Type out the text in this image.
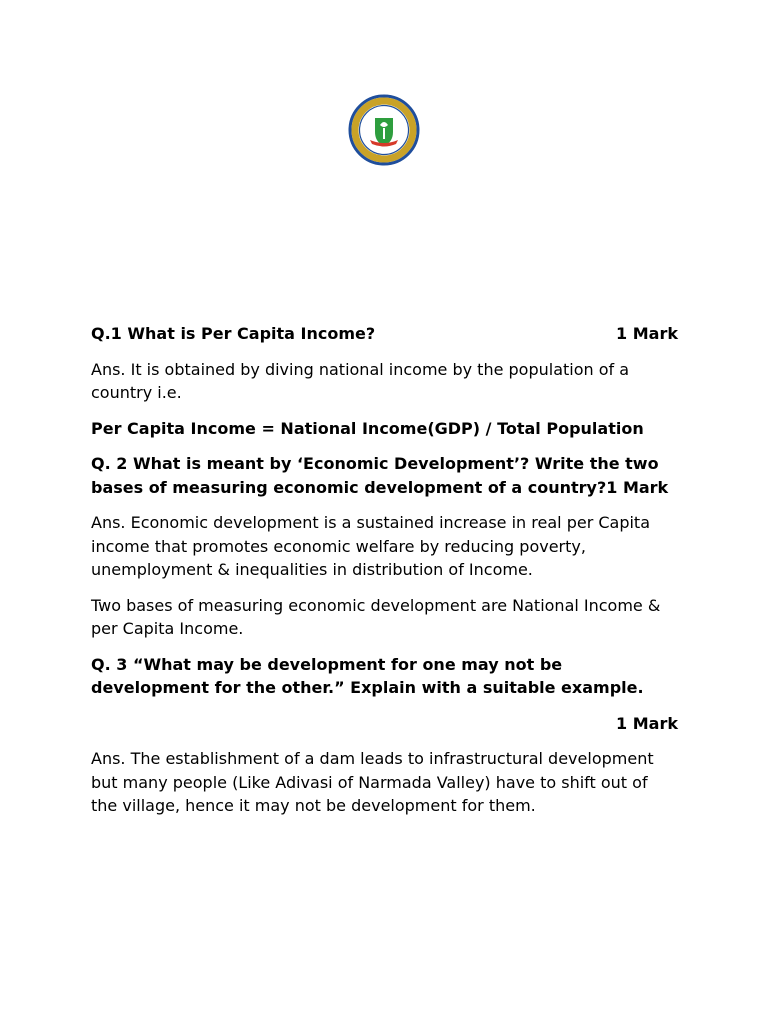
Q.1 What is Per Capita Income?	1 Mark
Ans. It is obtained by diving national income by the population of a country i.e.
Per Capita Income = National Income(GDP) / Total Population
Q. 2 What is meant by ‘Economic Development’? Write the two bases of measuring economic development of a country?1 Mark
Ans. Economic development is a sustained increase in real per Capita income that promotes economic welfare by reducing poverty, unemployment & inequalities in distribution of Income.
Two bases of measuring economic development are National Income & per Capita Income.
Q. 3 “What may be development for one may not be development for the other.” Explain with a suitable example.
1 Mark
Ans. The establishment of a dam leads to infrastructural development but many people (Like Adivasi of Narmada Valley) have to shift out of the village, hence it may not be development for them.
